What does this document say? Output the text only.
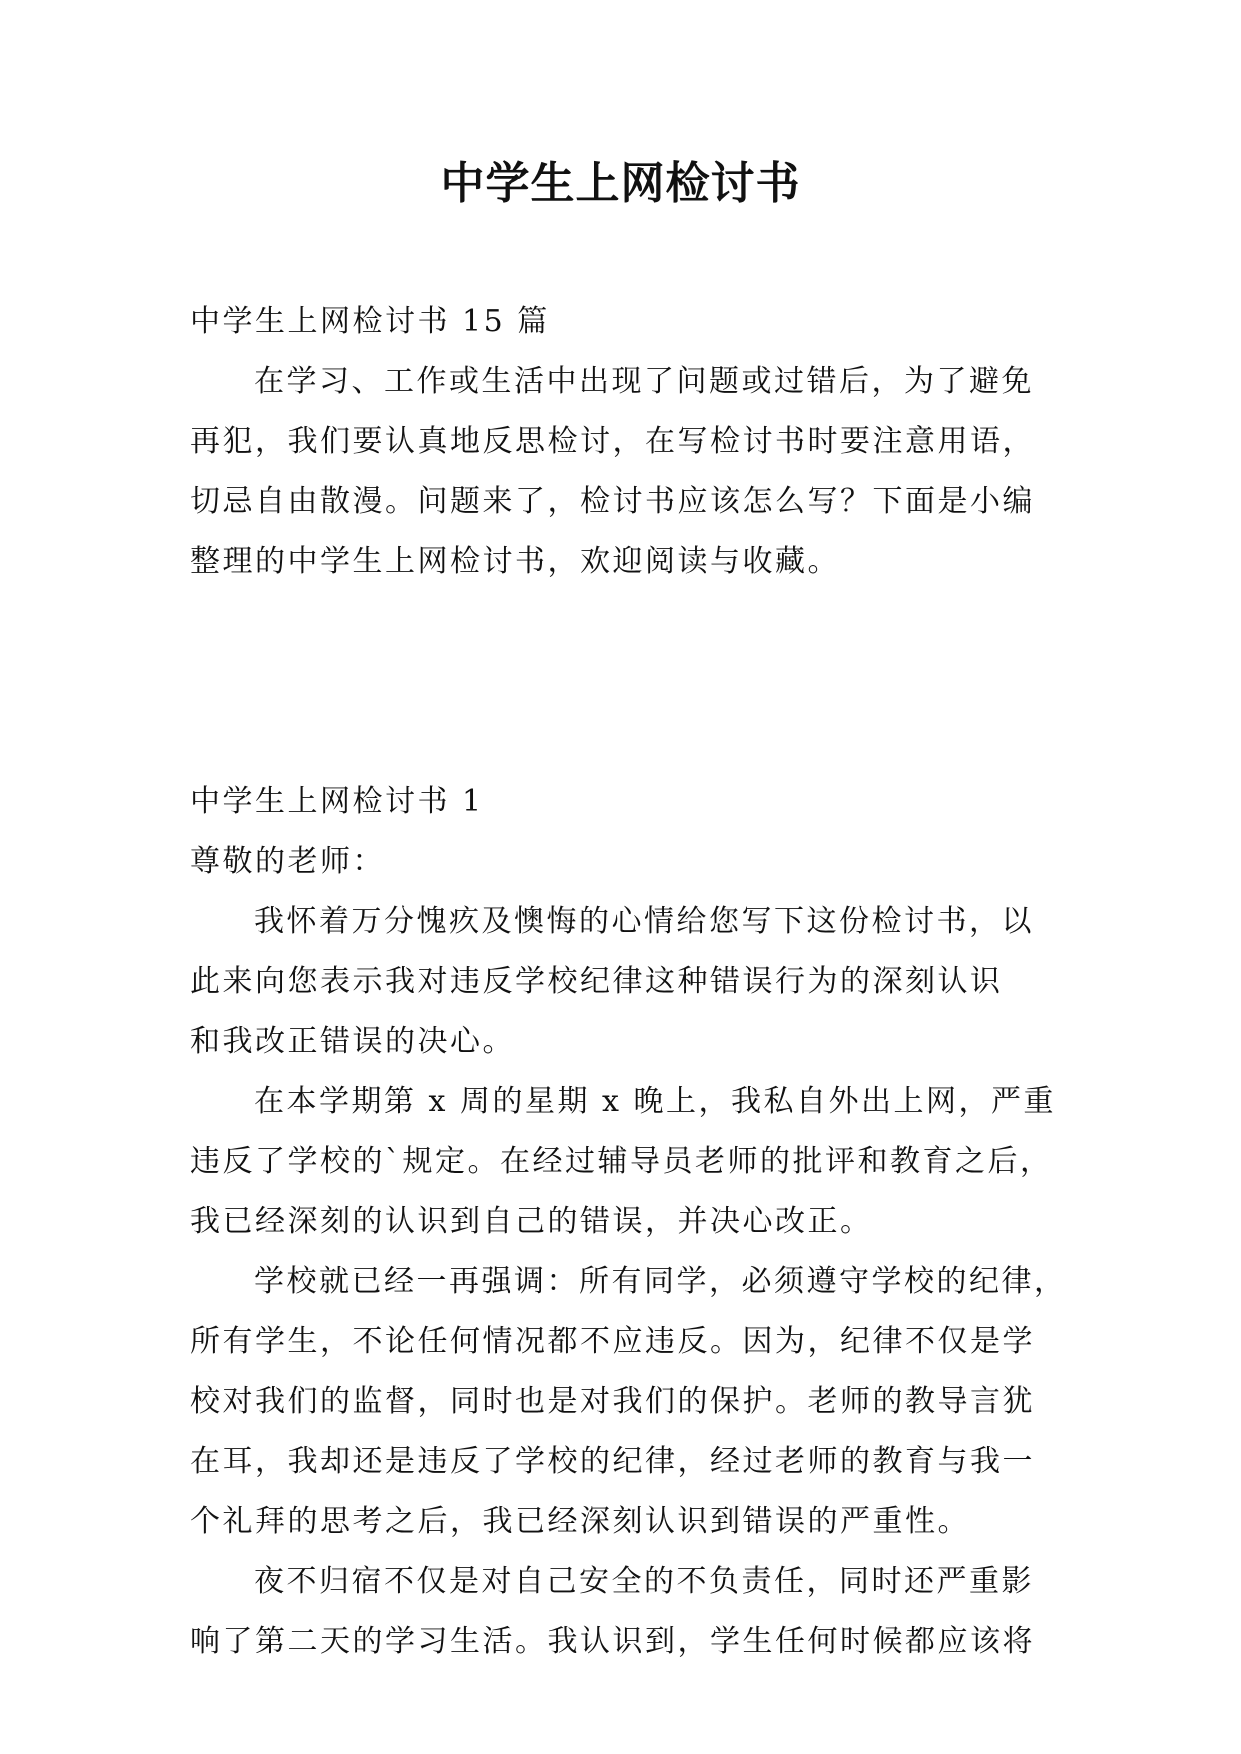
中学生上网检讨书
中学生上网检讨书 15 篇
在学习、工作或生活中出现了问题或过错后，为了避免
再犯，我们要认真地反思检讨，在写检讨书时要注意用语，
切忌自由散漫。问题来了，检讨书应该怎么写？下面是小编
整理的中学生上网检讨书，欢迎阅读与收藏。
中学生上网检讨书 1
尊敬的老师：
我怀着万分愧疚及懊悔的心情给您写下这份检讨书，以
此来向您表示我对违反学校纪律这种错误行为的深刻认识
和我改正错误的决心。
在本学期第 x 周的星期 x 晚上，我私自外出上网，严重
违反了学校的`规定。在经过辅导员老师的批评和教育之后，
我已经深刻的认识到自己的错误，并决心改正。
学校就已经一再强调：所有同学，必须遵守学校的纪律，
所有学生，不论任何情况都不应违反。因为，纪律不仅是学
校对我们的监督，同时也是对我们的保护。老师的教导言犹
在耳，我却还是违反了学校的纪律，经过老师的教育与我一
个礼拜的思考之后，我已经深刻认识到错误的严重性。
夜不归宿不仅是对自己安全的不负责任，同时还严重影
响了第二天的学习生活。我认识到，学生任何时候都应该将
